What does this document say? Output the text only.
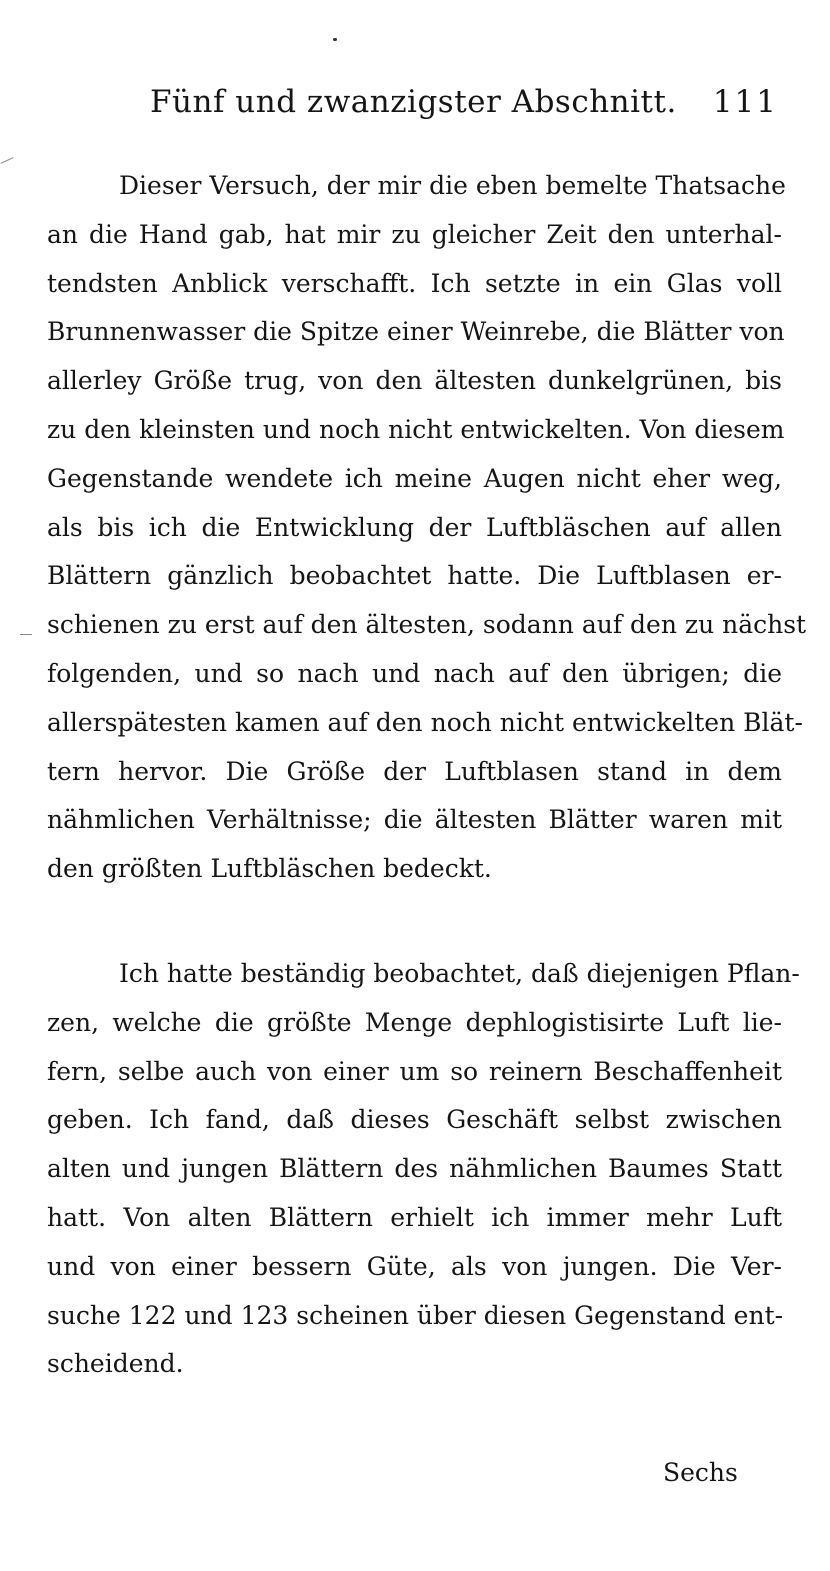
Fünf und zwanzigster Abschnitt. 111
Dieser Versuch, der mir die eben bemelte Thatsache
an die Hand gab, hat mir zu gleicher Zeit den unterhal-
tendsten Anblick verschafft. Ich setzte in ein Glas voll
Brunnenwasser die Spitze einer Weinrebe, die Blätter von
allerley Größe trug, von den ältesten dunkelgrünen, bis
zu den kleinsten und noch nicht entwickelten. Von diesem
Gegenstande wendete ich meine Augen nicht eher weg,
als bis ich die Entwicklung der Luftbläschen auf allen
Blättern gänzlich beobachtet hatte. Die Luftblasen er-
schienen zu erst auf den ältesten, sodann auf den zu nächst
folgenden, und so nach und nach auf den übrigen; die
allerspätesten kamen auf den noch nicht entwickelten Blät-
tern hervor. Die Größe der Luftblasen stand in dem
nähmlichen Verhältnisse; die ältesten Blätter waren mit
den größten Luftbläschen bedeckt.
Ich hatte beständig beobachtet, daß diejenigen Pflan-
zen, welche die größte Menge dephlogistisirte Luft lie-
fern, selbe auch von einer um so reinern Beschaffenheit
geben. Ich fand, daß dieses Geschäft selbst zwischen
alten und jungen Blättern des nähmlichen Baumes Statt
hatt. Von alten Blättern erhielt ich immer mehr Luft
und von einer bessern Güte, als von jungen. Die Ver-
suche 122 und 123 scheinen über diesen Gegenstand ent-
scheidend.
Sechs
